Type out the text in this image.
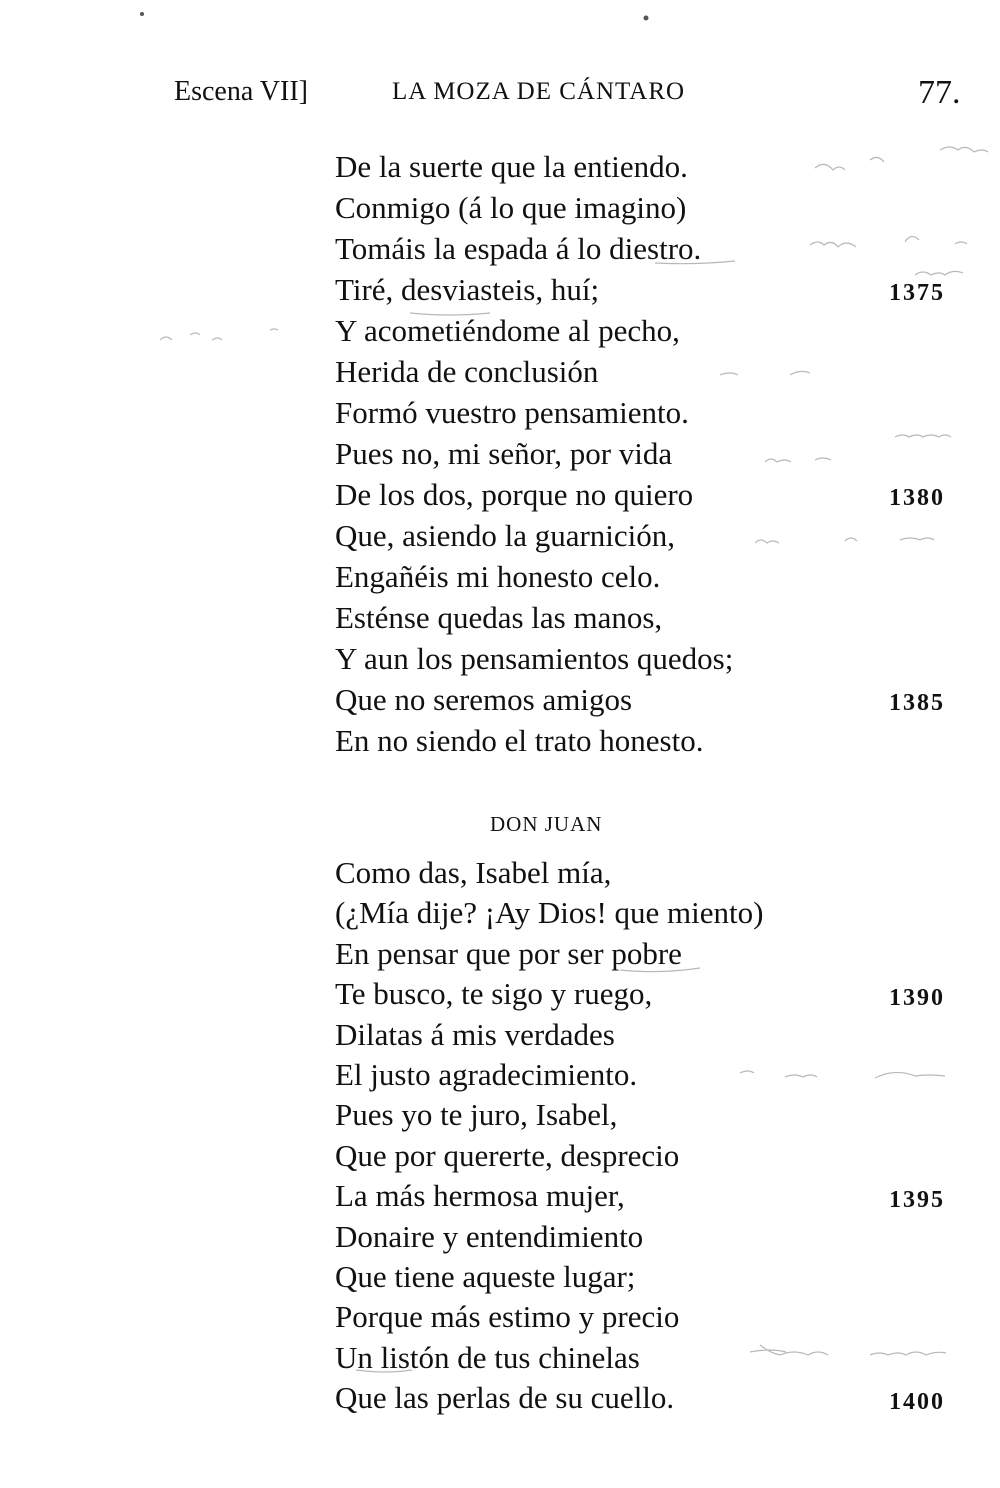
Escena VII]	LA MOZA DE CÁNTARO	77.
De la suerte que la entiendo.
Conmigo (á lo que imagino)
Tomáis la espada á lo diestro.
Tiré, desviasteis, huí;	1375
Y acometiéndome al pecho,
Herida de conclusión
Formó vuestro pensamiento.
Pues no, mi señor, por vida
De los dos, porque no quiero	1380
Que, asiendo la guarnición,
Engañéis mi honesto celo.
Esténse quedas las manos,
Y aun los pensamientos quedos;
Que no seremos amigos	1385
En no siendo el trato honesto.
DON JUAN
Como das, Isabel mía,
(¿Mía dije? ¡Ay Dios! que miento)
En pensar que por ser pobre
Te busco, te sigo y ruego,	1390
Dilatas á mis verdades
El justo agradecimiento.
Pues yo te juro, Isabel,
Que por quererte, desprecio
La más hermosa mujer,	1395
Donaire y entendimiento
Que tiene aqueste lugar;
Porque más estimo y precio
Un listón de tus chinelas
Que las perlas de su cuello.	1400
